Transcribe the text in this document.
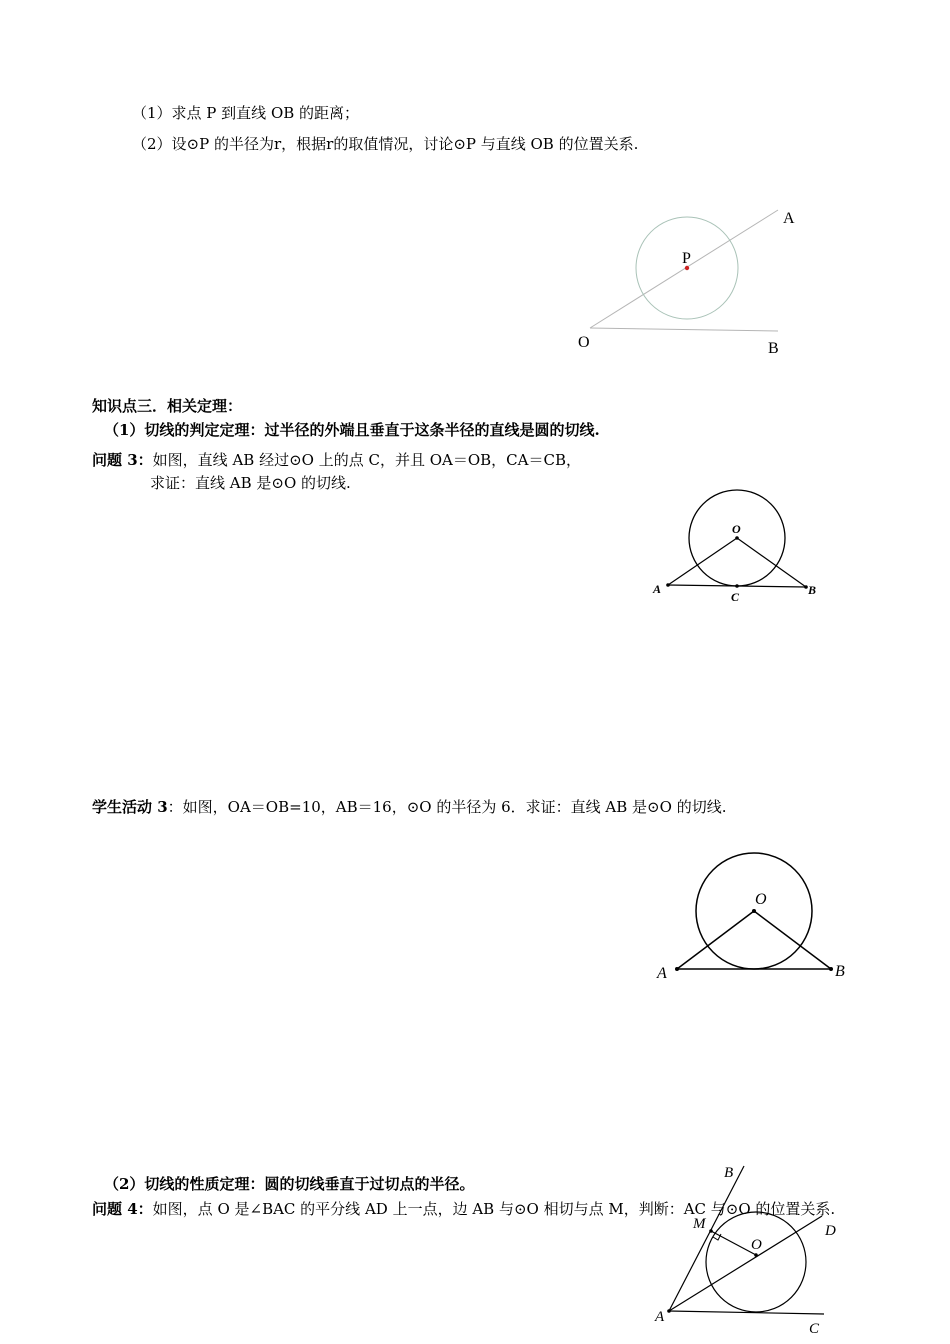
（1）求点 P 到直线 OB 的距离；
（2）设⊙P 的半径为r，根据r的取值情况，讨论⊙P 与直线 OB 的位置关系.
知识点三．相关定理：
（1）切线的判定定理：过半径的外端且垂直于这条半径的直线是圆的切线.
问题 3：如图，直线 AB 经过⊙O 上的点 C，并且 OA＝OB，CA＝CB，
求证：直线 AB 是⊙O 的切线.
学生活动 3：如图，OA＝OB=10，AB＝16，⊙O 的半径为 6．求证：直线 AB 是⊙O 的切线.
（2）切线的性质定理：圆的切线垂直于过切点的半径。
问题 4：如图，点 O 是∠BAC 的平分线 AD 上一点，边 AB 与⊙O 相切与点 M，判断：AC 与⊙O 的位置关系.
A
P
O	B
O
A
C	B
O
A	B
B
M	D
O
A
C
